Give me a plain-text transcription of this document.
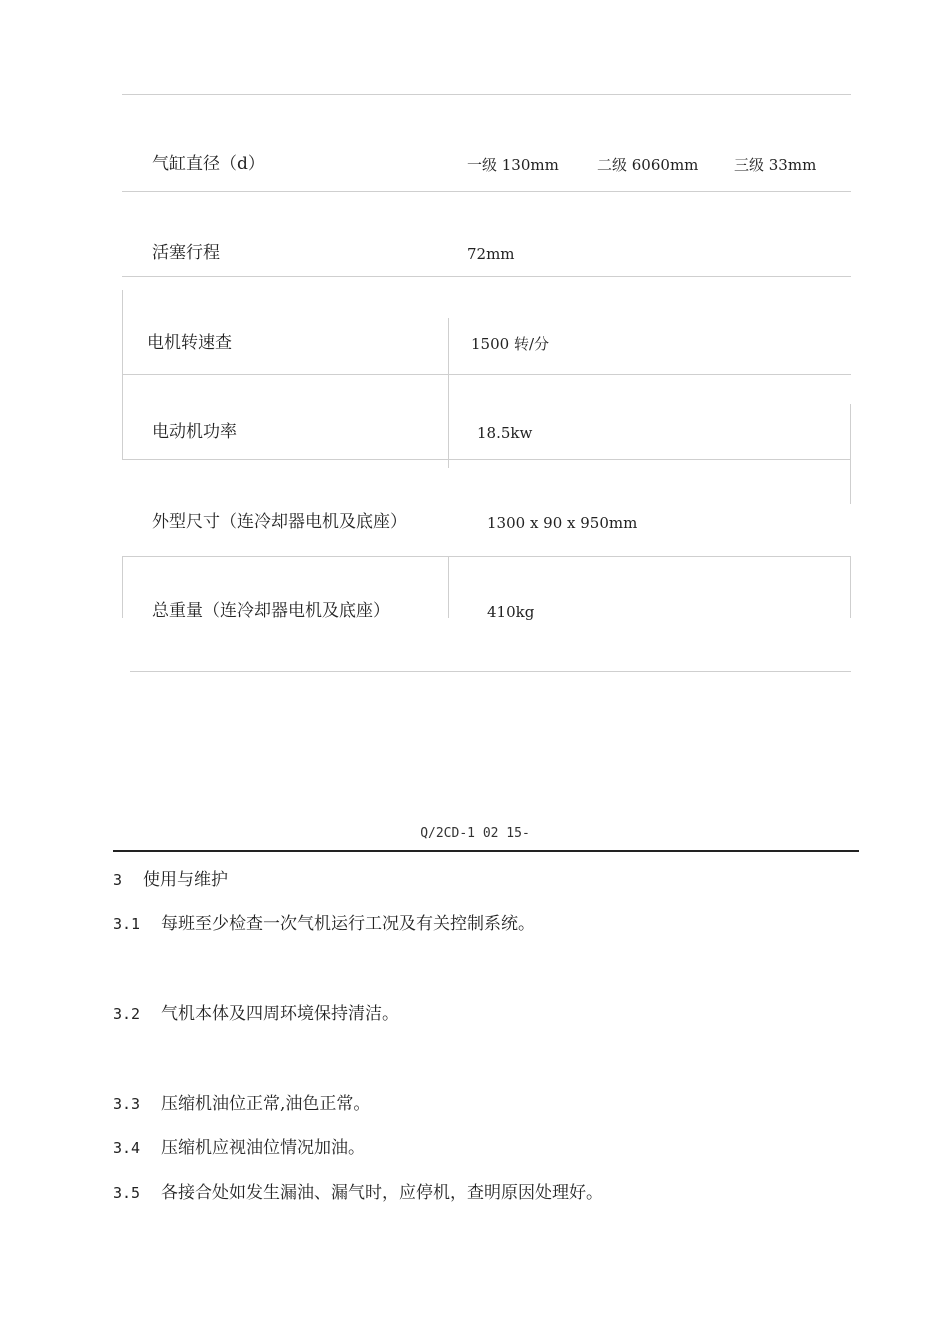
气缸直径（d）	一级 130mm	二级 6060mm 三级 33mm
活塞行程	72mm
电机转速查	1500 转/分
电动机功率	18.5kw
外型尺寸（连冷却器电机及底座）	1300 x 90 x 950mm
总重量（连冷却器电机及底座）	410kg
Q/2CD-1 02 15-
3 使用与维护
3.1 每班至少检查一次气机运行工况及有关控制系统。
3.2 气机本体及四周环境保持清洁。
3.3 压缩机油位正常,油色正常。
3.4 压缩机应视油位情况加油。
3.5 各接合处如发生漏油、漏气时，应停机，查明原因处理好。
